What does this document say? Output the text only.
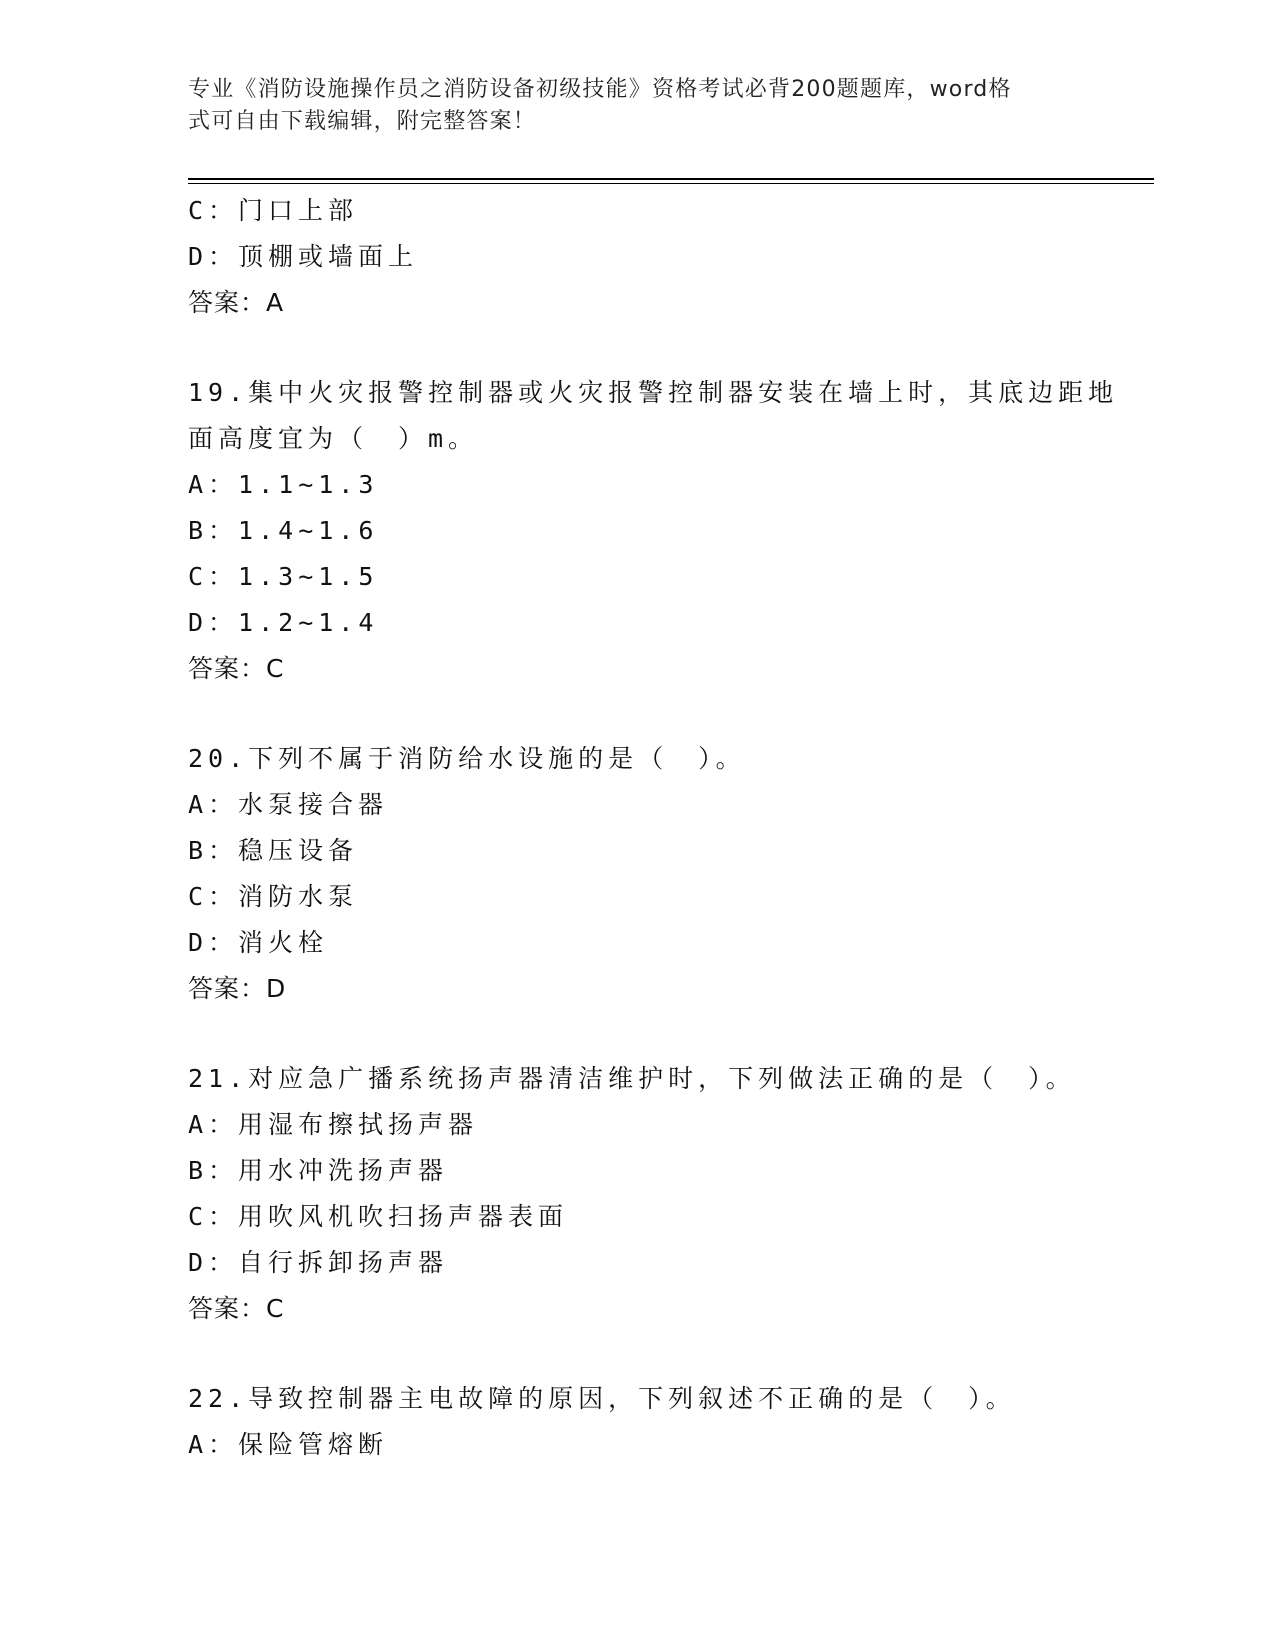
专业《消防设施操作员之消防设备初级技能》资格考试必背200题题库，word格
式可自由下载编辑，附完整答案！
C：门口上部
D：顶棚或墙面上
答案：A
19.集中火灾报警控制器或火灾报警控制器安装在墙上时，其底边距地
面高度宜为（　）m。
A：1.1~1.3
B：1.4~1.6
C：1.3~1.5
D：1.2~1.4
答案：C
20.下列不属于消防给水设施的是（　）。
A：水泵接合器
B：稳压设备
C：消防水泵
D：消火栓
答案：D
21.对应急广播系统扬声器清洁维护时，下列做法正确的是（　）。
A：用湿布擦拭扬声器
B：用水冲洗扬声器
C：用吹风机吹扫扬声器表面
D：自行拆卸扬声器
答案：C
22.导致控制器主电故障的原因，下列叙述不正确的是（　）。
A：保险管熔断
